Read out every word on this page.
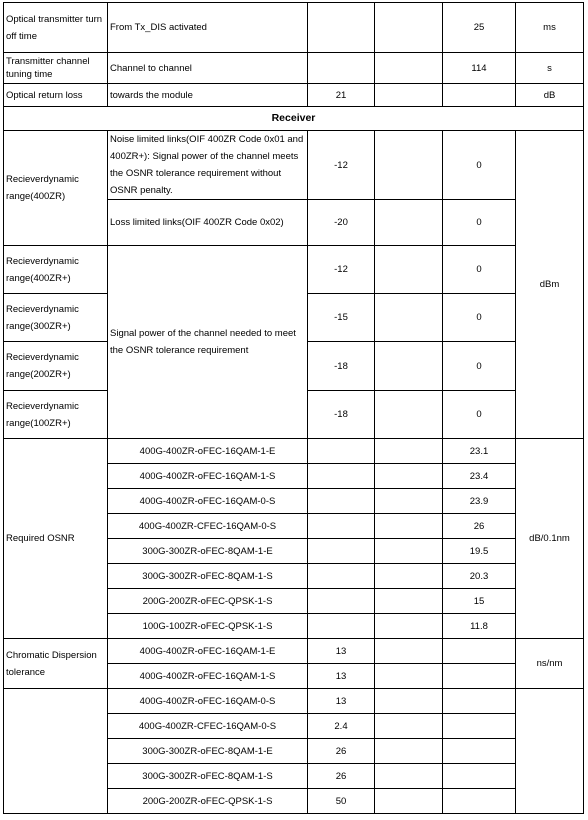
Optical transmitter turn off time	From Tx_DIS activated			25	ms
Transmitter channel tuning time	Channel to channel			114	s
Optical return loss	towards the module	21			dB
Receiver					
Recieverdynamic range(400ZR)	Noise limited links(OIF 400ZR Code 0x01 and 400ZR+): Signal power of the channel meets the OSNR tolerance requirement without OSNR penalty.	-12		0	dBm
	Loss limited links(OIF 400ZR Code 0x02)	-20		0	
Recieverdynamic range(400ZR+)	Signal power of the channel needed to meet the OSNR tolerance requirement	-12		0	
Recieverdynamic range(300ZR+)		-15		0	
Recieverdynamic range(200ZR+)		-18		0	
Recieverdynamic range(100ZR+)		-18		0	
Required OSNR	400G-400ZR-oFEC-16QAM-1-E			23.1	dB/0.1nm
	400G-400ZR-oFEC-16QAM-1-S			23.4	
	400G-400ZR-oFEC-16QAM-0-S			23.9	
	400G-400ZR-CFEC-16QAM-0-S			26	
	300G-300ZR-oFEC-8QAM-1-E			19.5	
	300G-300ZR-oFEC-8QAM-1-S			20.3	
	200G-200ZR-oFEC-QPSK-1-S			15	
	100G-100ZR-oFEC-QPSK-1-S			11.8	
Chromatic Dispersion tolerance	400G-400ZR-oFEC-16QAM-1-E	13			ns/nm
	400G-400ZR-oFEC-16QAM-1-S	13			
	400G-400ZR-oFEC-16QAM-0-S	13			
	400G-400ZR-CFEC-16QAM-0-S	2.4			
	300G-300ZR-oFEC-8QAM-1-E	26			
	300G-300ZR-oFEC-8QAM-1-S	26			
	200G-200ZR-oFEC-QPSK-1-S	50			
